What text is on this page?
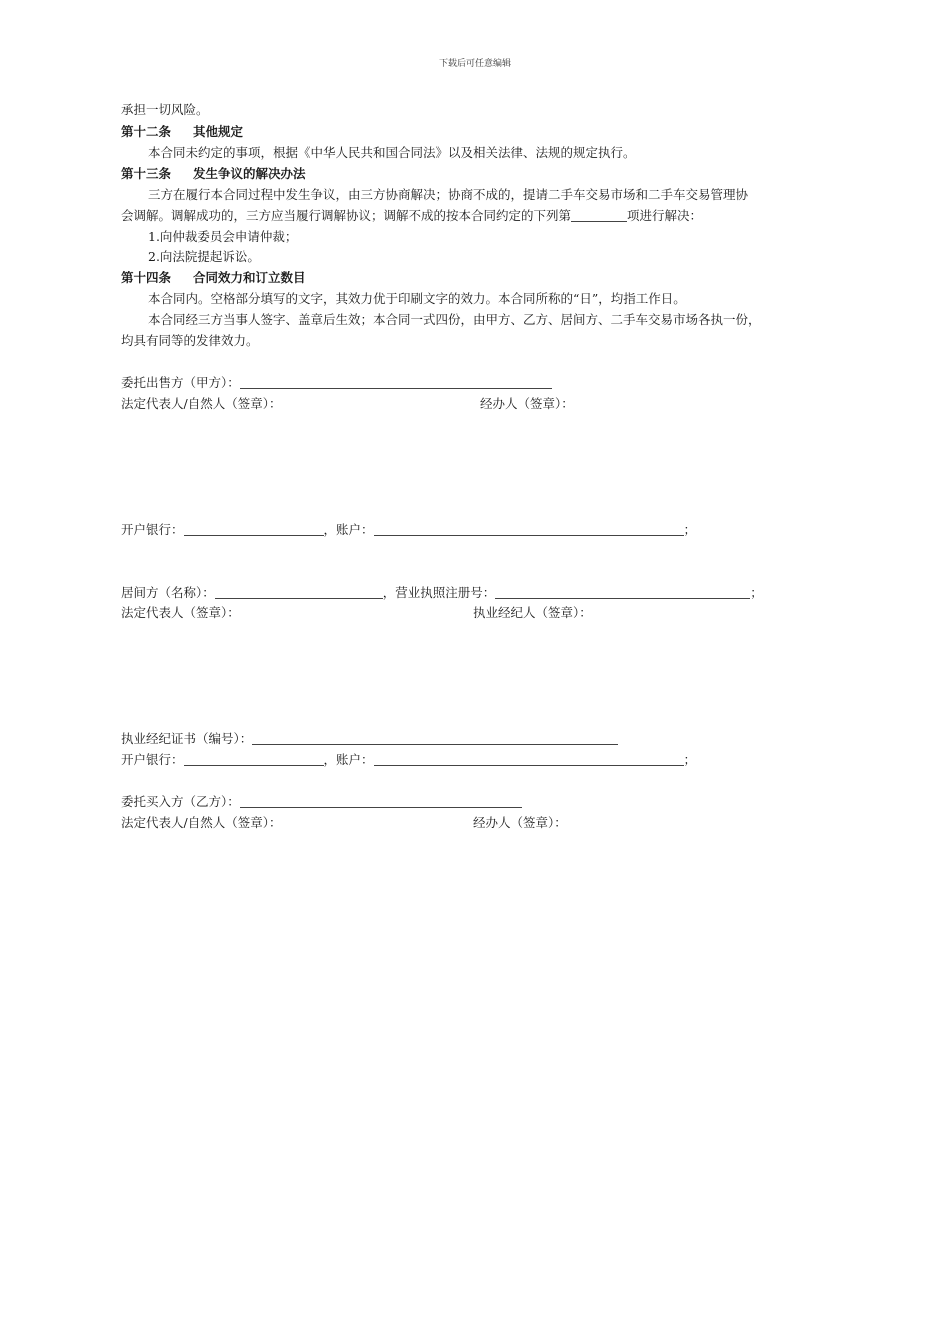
下载后可任意编辑
承担一切风险。
第十二条 其他规定
本合同未约定的事项，根据《中华人民共和国合同法》以及相关法律、法规的规定执行。
第十三条 发生争议的解决办法
三方在履行本合同过程中发生争议，由三方协商解决；协商不成的，提请二手车交易市场和二手车交易管理协
会调解。调解成功的，三方应当履行调解协议；调解不成的按本合同约定的下列第	项进行解决：
1.向仲裁委员会申请仲裁；
2.向法院提起诉讼。
第十四条 合同效力和订立数目
本合同内。空格部分填写的文字，其效力优于印刷文字的效力。本合同所称的“日”，均指工作日。
本合同经三方当事人签字、盖章后生效；本合同一式四份，由甲方、乙方、居间方、二手车交易市场各执一份，
均具有同等的发律效力。
委托出售方（甲方）：
法定代表人/自然人（签章）：	经办人（签章）：
开户银行：	，账户：	；
居间方（名称）：	，营业执照注册号：	；
法定代表人（签章）：	执业经纪人（签章）：
执业经纪证书（编号）：
开户银行：	，账户：	；
委托买入方（乙方）：
法定代表人/自然人（签章）：	经办人（签章）：
